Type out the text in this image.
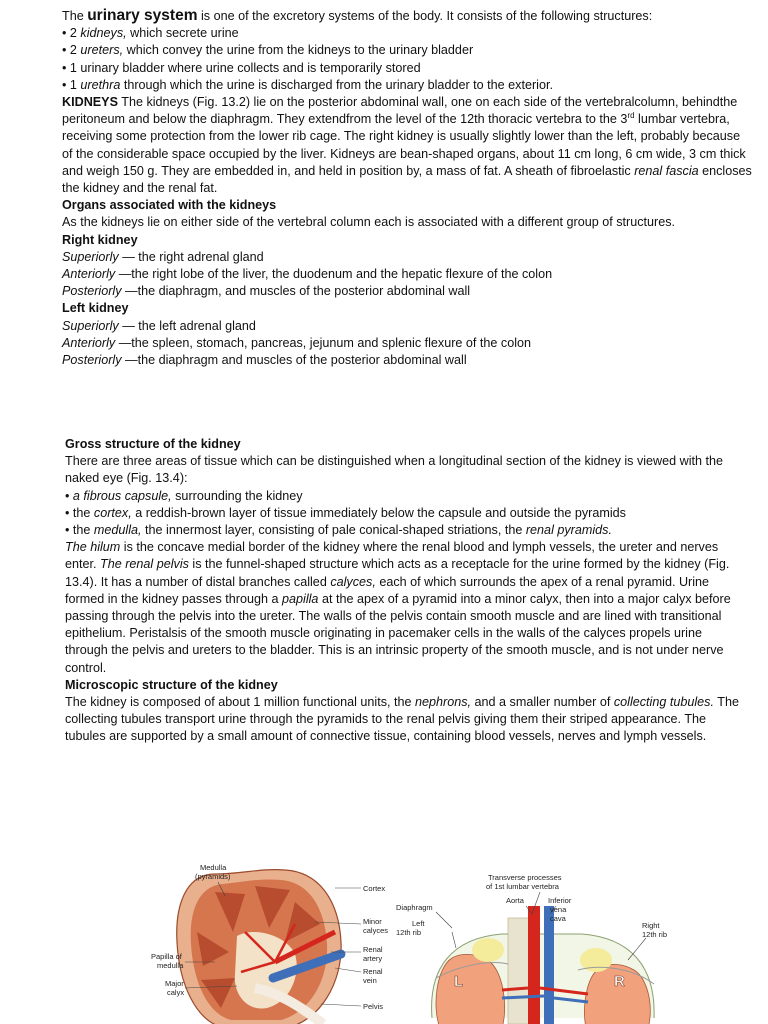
The urinary system is one of the excretory systems of the body. It consists of the following structures:

• 2 kidneys, which secrete urine

• 2 ureters, which convey the urine from the kidneys to the urinary bladder

• 1 urinary bladder where urine collects and is temporarily stored

• 1 urethra through which the urine is discharged from the urinary bladder to the exterior.

KIDNEYS The kidneys (Fig. 13.2) lie on the posterior abdominal wall, one on each side of the vertebralcolumn, behindthe peritoneum and below the diaphragm. They extendfrom the level of the 12th thoracic vertebra to the 3rd lumbar vertebra, receiving some protection from the lower rib cage. The right kidney is usually slightly lower than the left, probably because of the considerable space occupied by the liver. Kidneys are bean-shaped organs, about 11 cm long, 6 cm wide, 3 cm thick and weigh 150 g. They are embedded in, and held in position by, a mass of fat. A sheath of fibroelastic renal fascia encloses the kidney and the renal fat.

Organs associated with the kidneys

As the kidneys lie on either side of the vertebral column each is associated with a different group of structures.

Right kidney

Superiorly — the right adrenal gland

Anteriorly —the right lobe of the liver, the duodenum and the hepatic flexure of the colon

Posteriorly —the diaphragm, and muscles of the posterior abdominal wall

Left kidney

Superiorly — the left adrenal gland

Anteriorly —the spleen, stomach, pancreas, jejunum and splenic flexure of the colon

Posteriorly —the diaphragm and muscles of the posterior abdominal wall

Gross structure of the kidney

There are three areas of tissue which can be distinguished when a longitudinal section of the kidney is viewed with the naked eye (Fig. 13.4):

• a fibrous capsule, surrounding the kidney

• the cortex, a reddish-brown layer of tissue immediately below the capsule and outside the pyramids

• the medulla, the innermost layer, consisting of pale conical-shaped striations, the renal pyramids.

The hilum is the concave medial border of the kidney where the renal blood and lymph vessels, the ureter and nerves enter. The renal pelvis is the funnel-shaped structure which acts as a receptacle for the urine formed by the kidney (Fig. 13.4). It has a number of distal branches called calyces, each of which surrounds the apex of a renal pyramid. Urine formed in the kidney passes through a papilla at the apex of a pyramid into a minor calyx, then into a major calyx before passing through the pelvis into the ureter. The walls of the pelvis contain smooth muscle and are lined with transitional epithelium. Peristalsis of the smooth muscle originating in pacemaker cells in the walls of the calyces propels urine through the pelvis and ureters to the bladder. This is an intrinsic property of the smooth muscle, and is not under nerve control.

Microscopic structure of the kidney

The kidney is composed of about 1 million functional units, the nephrons, and a smaller number of collecting tubules. The collecting tubules transport urine through the pyramids to the renal pelvis giving them their striped appearance. The tubules are supported by a small amount of connective tissue, containing blood vessels, nerves and lymph vessels.

Medulla
(pyramids)
Cortex
Minor
calyces
Renal
artery
Renal
vein
Papilla of
medulla
Major
calyx
Pelvis
Transverse processes
of 1st lumbar vertebra
Diaphragm
Aorta	Inferior
vena
cava
Left
12th rib
Right
12th rib
L	R
